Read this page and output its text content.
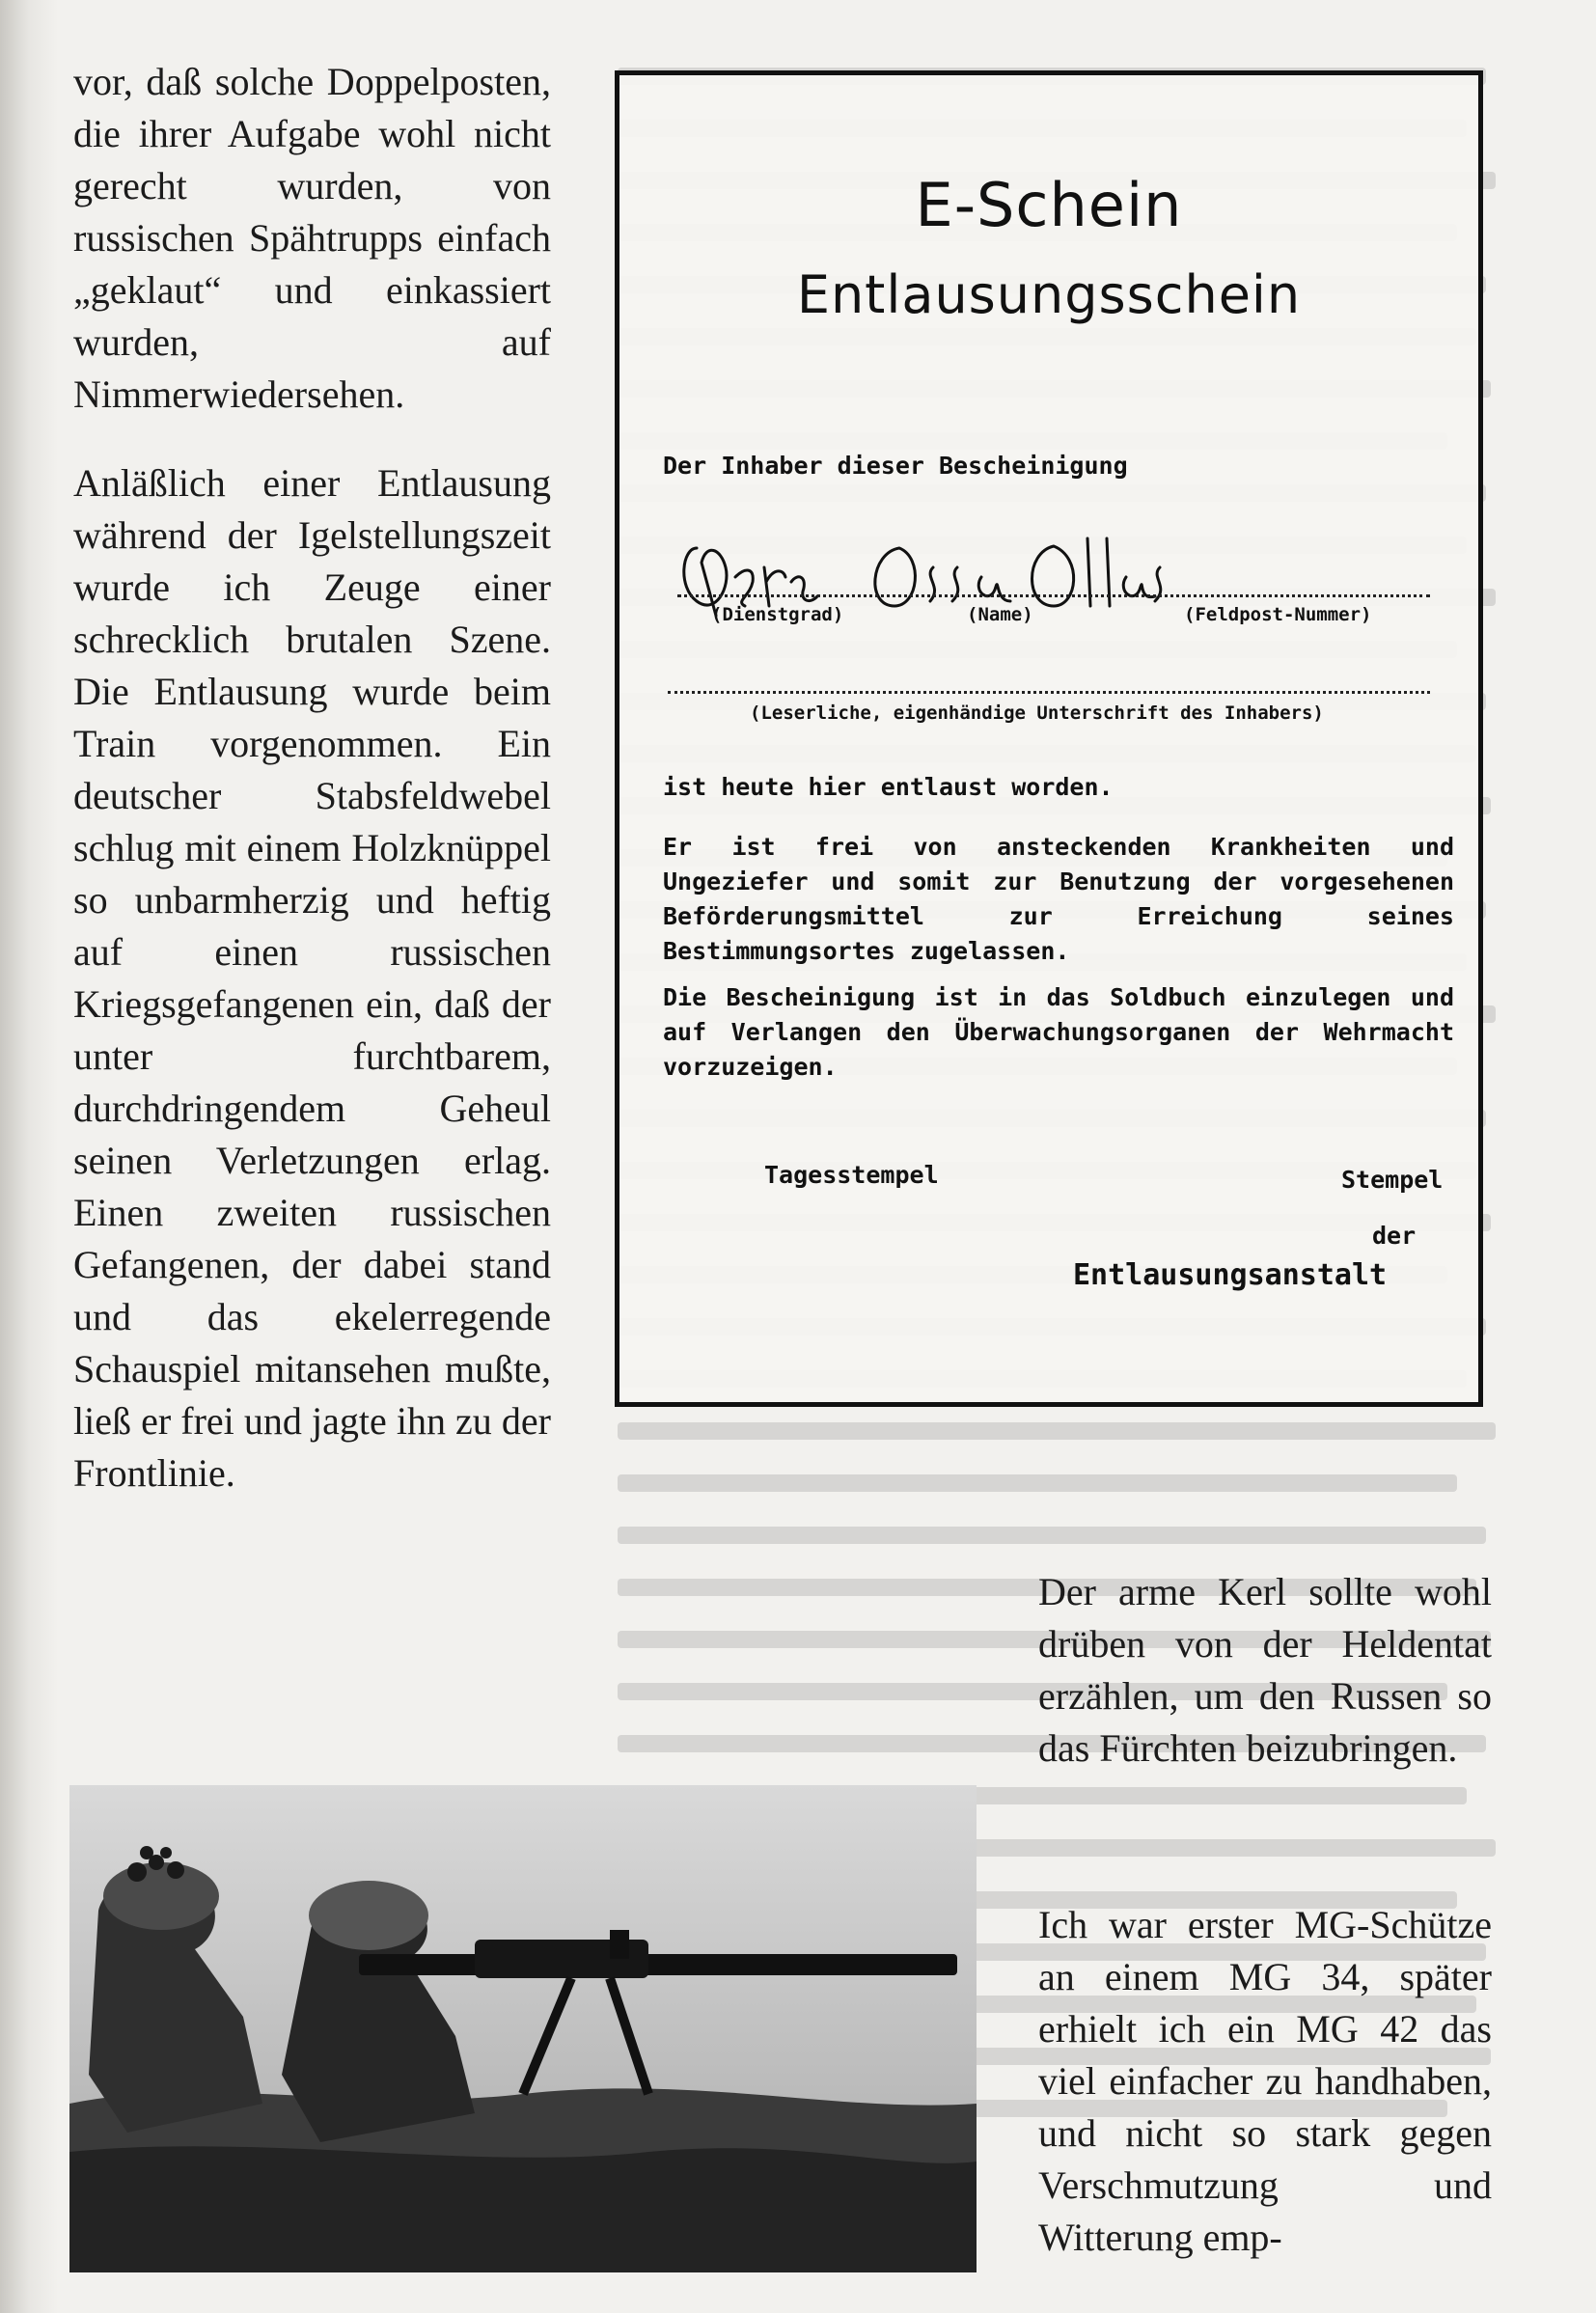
vor, daß solche Doppelposten, die ihrer Aufgabe wohl nicht gerecht wurden, von russischen Spähtrupps einfach „geklaut“ und einkassiert wurden, auf Nimmerwiedersehen.

Anläßlich einer Entlausung während der Igelstellungszeit wurde ich Zeuge einer schrecklich brutalen Szene. Die Entlausung wurde beim Train vorgenommen. Ein deutscher Stabsfeldwebel schlug mit einem Holzknüppel so unbarmherzig und heftig auf einen russischen Kriegsgefangenen ein, daß der unter furchtbarem, durchdringendem Geheul seinen Verletzungen erlag. Einen zweiten russischen Gefangenen, der dabei stand und das ekelerregende Schauspiel mitansehen mußte, ließ er frei und jagte ihn zu der Frontlinie.

E-Schein
Entlausungsschein
Der Inhaber dieser Bescheinigung
(Dienstgrad)	(Name)	(Feldpost-Nummer)
(Leserliche, eigenhändige Unterschrift des Inhabers)
ist heute hier entlaust worden.

Er ist frei von ansteckenden Krankheiten und Ungeziefer und somit zur Benutzung der vorgesehenen Beförderungsmittel zur Erreichung seines Bestimmungsortes zugelassen.

Die Bescheinigung ist in das Soldbuch einzulegen und auf Verlangen den Überwachungsorganen der Wehrmacht vorzuzeigen.

Tagesstempel	Stempel
der
Entlausungsanstalt

Der arme Kerl sollte wohl drüben von der Heldentat erzählen, um den Russen so das Fürchten beizubringen.

Ich war erster MG-Schütze an einem MG 34, später erhielt ich ein MG 42 das viel einfacher zu handhaben, und nicht so stark gegen Verschmutzung und Witterung emp-
